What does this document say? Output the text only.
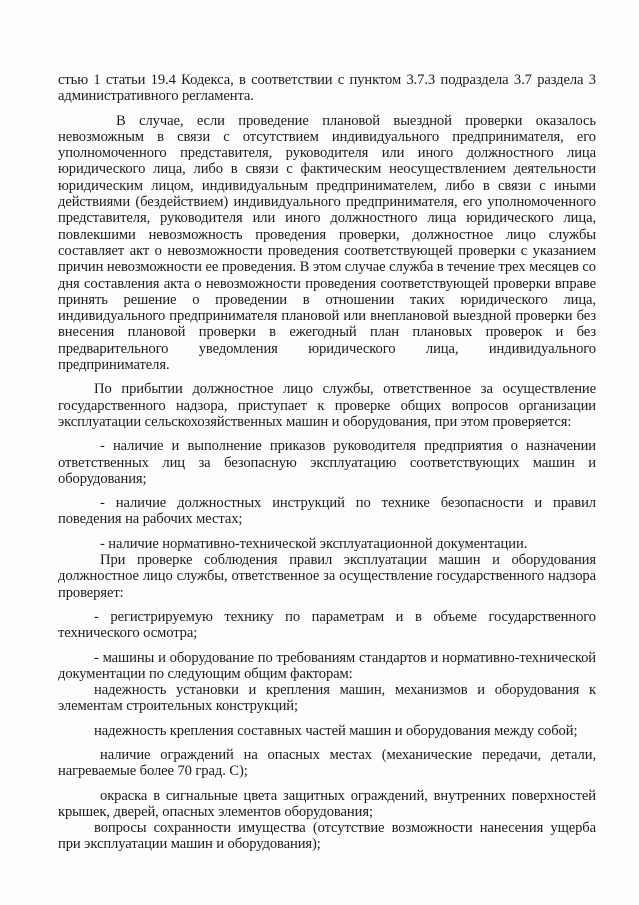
стью 1 статьи 19.4 Кодекса, в соответствии с пунктом 3.7.3 подраздела 3.7 раздела 3 административного регламента.

В случае, если проведение плановой выездной проверки оказалось невозможным в связи с отсутствием индивидуального предпринимателя, его уполномоченного представителя, руководителя или иного должностного лица юридического лица, либо в связи с фактическим неосуществлением деятельности юридическим лицом, индивидуальным предпринимателем, либо в связи с иными действиями (бездействием) индивидуального предпринимателя, его уполномоченного представителя, руководителя или иного должностного лица юридического лица, повлекшими невозможность проведения проверки, должностное лицо службы составляет акт о невозможности проведения соответствующей проверки с указанием причин невозможности ее проведения. В этом случае служба в течение трех месяцев со дня составления акта о невозможности проведения соответствующей проверки вправе принять решение о проведении в отношении таких юридического лица, индивидуального предпринимателя плановой или внеплановой выездной проверки без внесения плановой проверки в ежегодный план плановых проверок и без предварительного уведомления юридического лица, индивидуального предпринимателя.

По прибытии должностное лицо службы, ответственное за осуществление государственного надзора, приступает к проверке общих вопросов организации эксплуатации сельскохозяйственных машин и оборудования, при этом проверяется:

- наличие и выполнение приказов руководителя предприятия о назначении ответственных лиц за безопасную эксплуатацию соответствующих машин и оборудования;

- наличие должностных инструкций по технике безопасности и правил поведения на рабочих местах;

- наличие нормативно-технической эксплуатационной документации.

При проверке соблюдения правил эксплуатации машин и оборудования должностное лицо службы, ответственное за осуществление государственного надзора проверяет:

- регистрируемую технику по параметрам и в объеме государственного технического осмотра;

- машины и оборудование по требованиям стандартов и нормативно-технической документации по следующим общим факторам:

надежность установки и крепления машин, механизмов и оборудования к элементам строительных конструкций;

надежность крепления составных частей машин и оборудования между собой;

наличие ограждений на опасных местах (механические передачи, детали, нагреваемые более 70 град. С);

окраска в сигнальные цвета защитных ограждений, внутренних поверхностей крышек, дверей, опасных элементов оборудования;

вопросы сохранности имущества (отсутствие возможности нанесения ущерба при эксплуатации машин и оборудования);
